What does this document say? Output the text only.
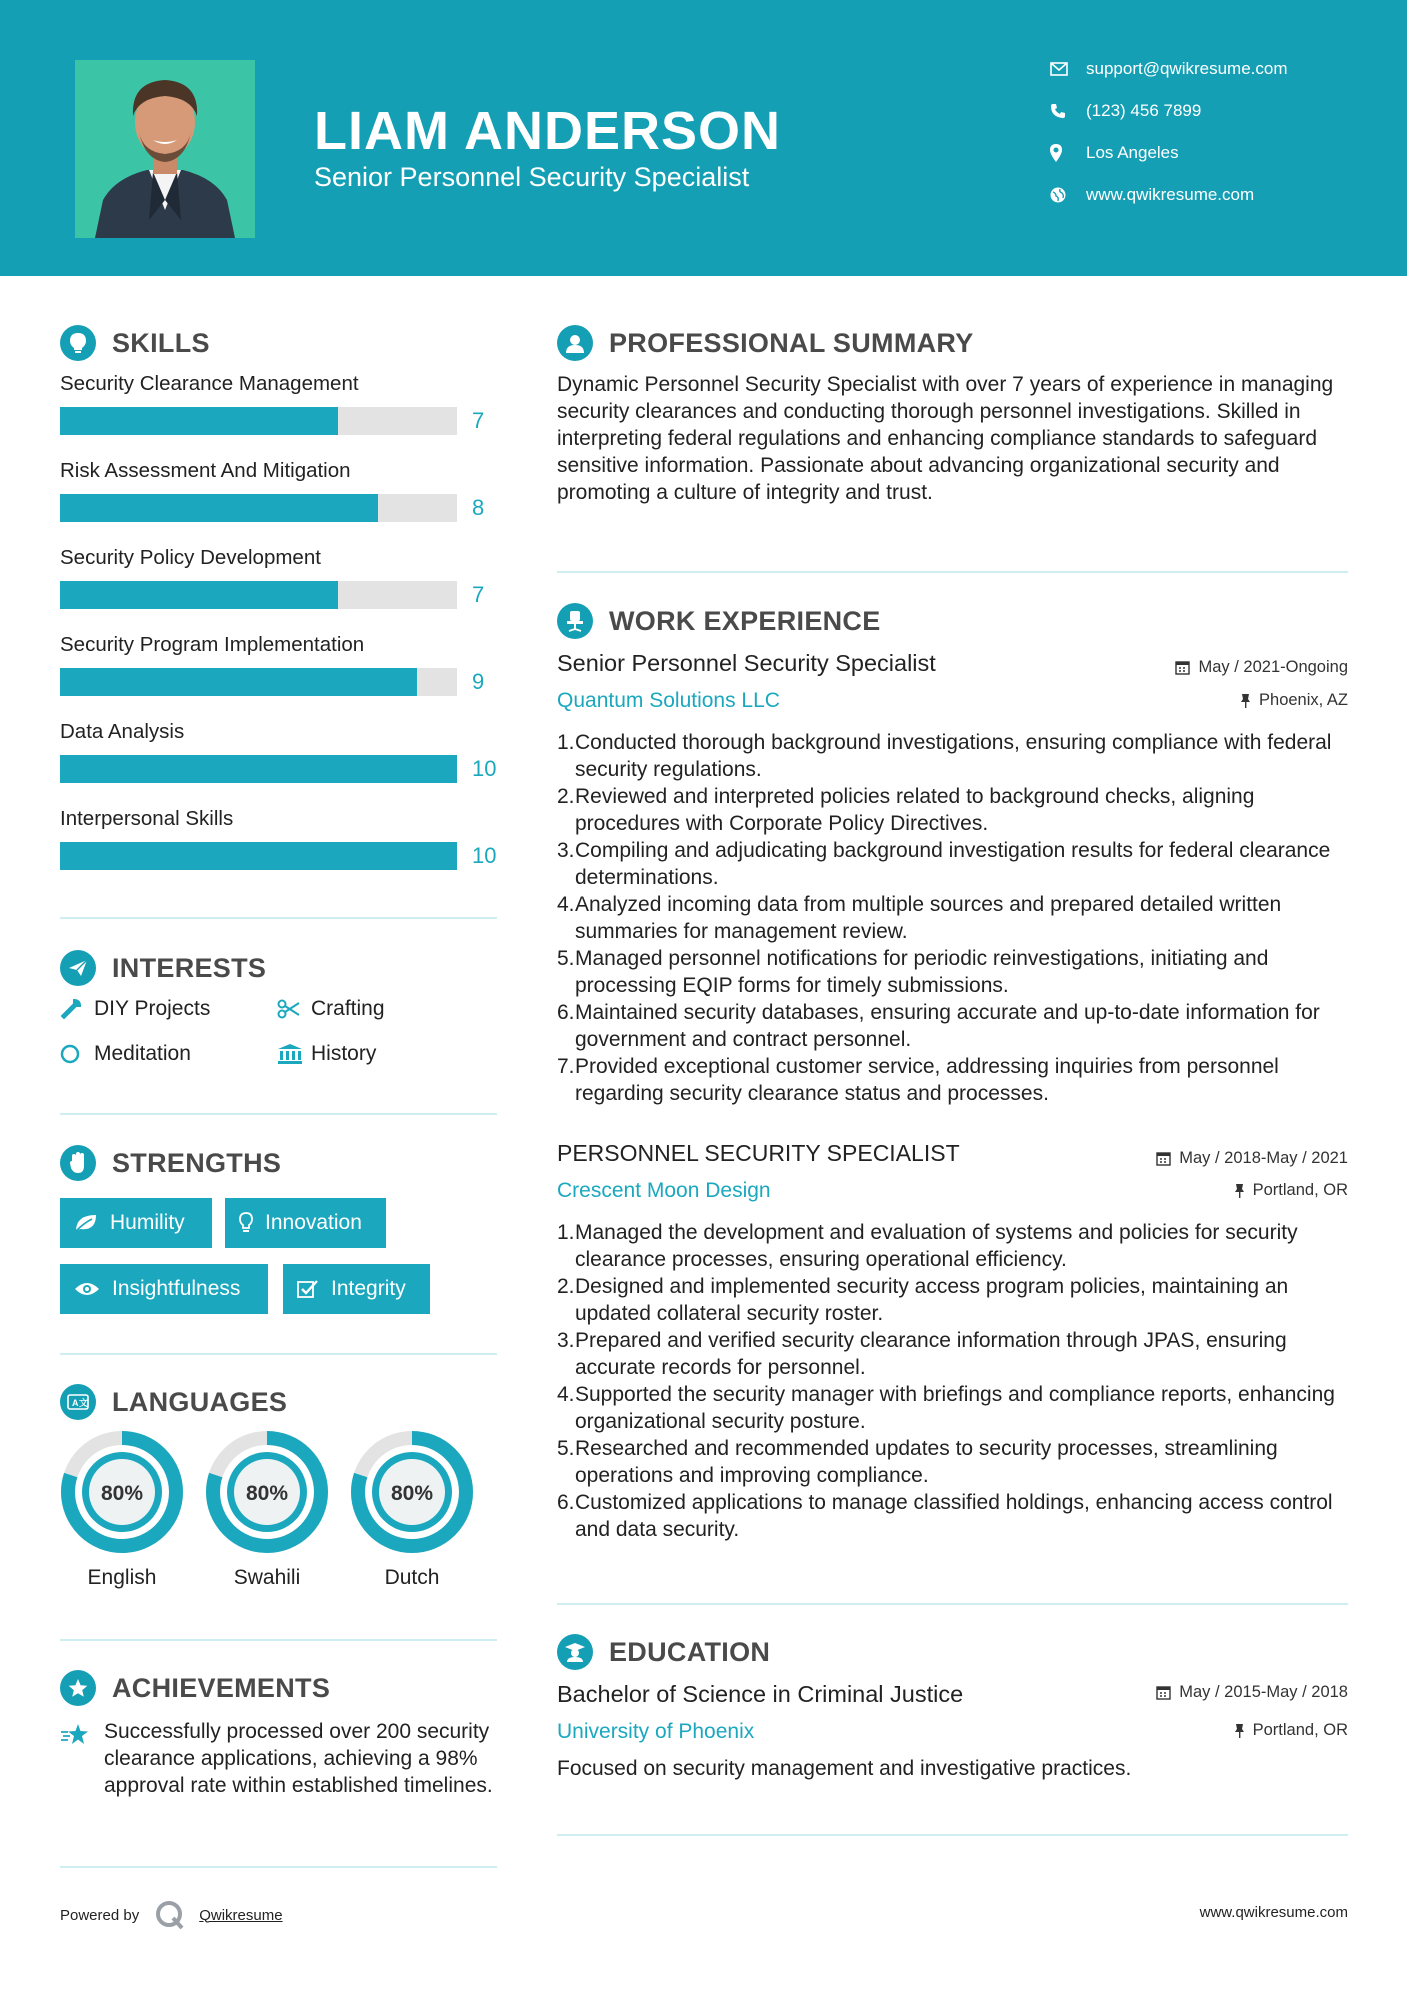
LIAM ANDERSON
Senior Personnel Security Specialist
support@qwikresume.com
(123) 456 7899
Los Angeles
www.qwikresume.com
SKILLS
Security Clearance Management
7
Risk Assessment And Mitigation
8
Security Policy Development
7
Security Program Implementation
9
Data Analysis
10
Interpersonal Skills
10
INTERESTS
DIY Projects	Crafting
Meditation	History
STRENGTHS
Humility	Innovation
Insightfulness	Integrity
A 文 LANGUAGES
80%
English
80%
Swahili
80%
Dutch
ACHIEVEMENTS
Successfully processed over 200 security clearance applications, achieving a 98% approval rate within established timelines.
PROFESSIONAL SUMMARY
Dynamic Personnel Security Specialist with over 7 years of experience in managing security clearances and conducting thorough personnel investigations. Skilled in interpreting federal regulations and enhancing compliance standards to safeguard sensitive information. Passionate about advancing organizational security and promoting a culture of integrity and trust.
WORK EXPERIENCE
Senior Personnel Security Specialist	May / 2021-Ongoing
Quantum Solutions LLC	Phoenix, AZ
1. Conducted thorough background investigations, ensuring compliance with federal security regulations.
2. Reviewed and interpreted policies related to background checks, aligning procedures with Corporate Policy Directives.
3. Compiling and adjudicating background investigation results for federal clearance determinations.
4. Analyzed incoming data from multiple sources and prepared detailed written summaries for management review.
5. Managed personnel notifications for periodic reinvestigations, initiating and processing EQIP forms for timely submissions.
6. Maintained security databases, ensuring accurate and up-to-date information for government and contract personnel.
7. Provided exceptional customer service, addressing inquiries from personnel regarding security clearance status and processes.
PERSONNEL SECURITY SPECIALIST	May / 2018-May / 2021
Crescent Moon Design	Portland, OR
1. Managed the development and evaluation of systems and policies for security clearance processes, ensuring operational efficiency.
2. Designed and implemented security access program policies, maintaining an updated collateral security roster.
3. Prepared and verified security clearance information through JPAS, ensuring accurate records for personnel.
4. Supported the security manager with briefings and compliance reports, enhancing organizational security posture.
5. Researched and recommended updates to security processes, streamlining operations and improving compliance.
6. Customized applications to manage classified holdings, enhancing access control and data security.
EDUCATION
Bachelor of Science in Criminal Justice	May / 2015-May / 2018
University of Phoenix	Portland, OR
Focused on security management and investigative practices.
Powered by	Qwikresume	www.qwikresume.com
